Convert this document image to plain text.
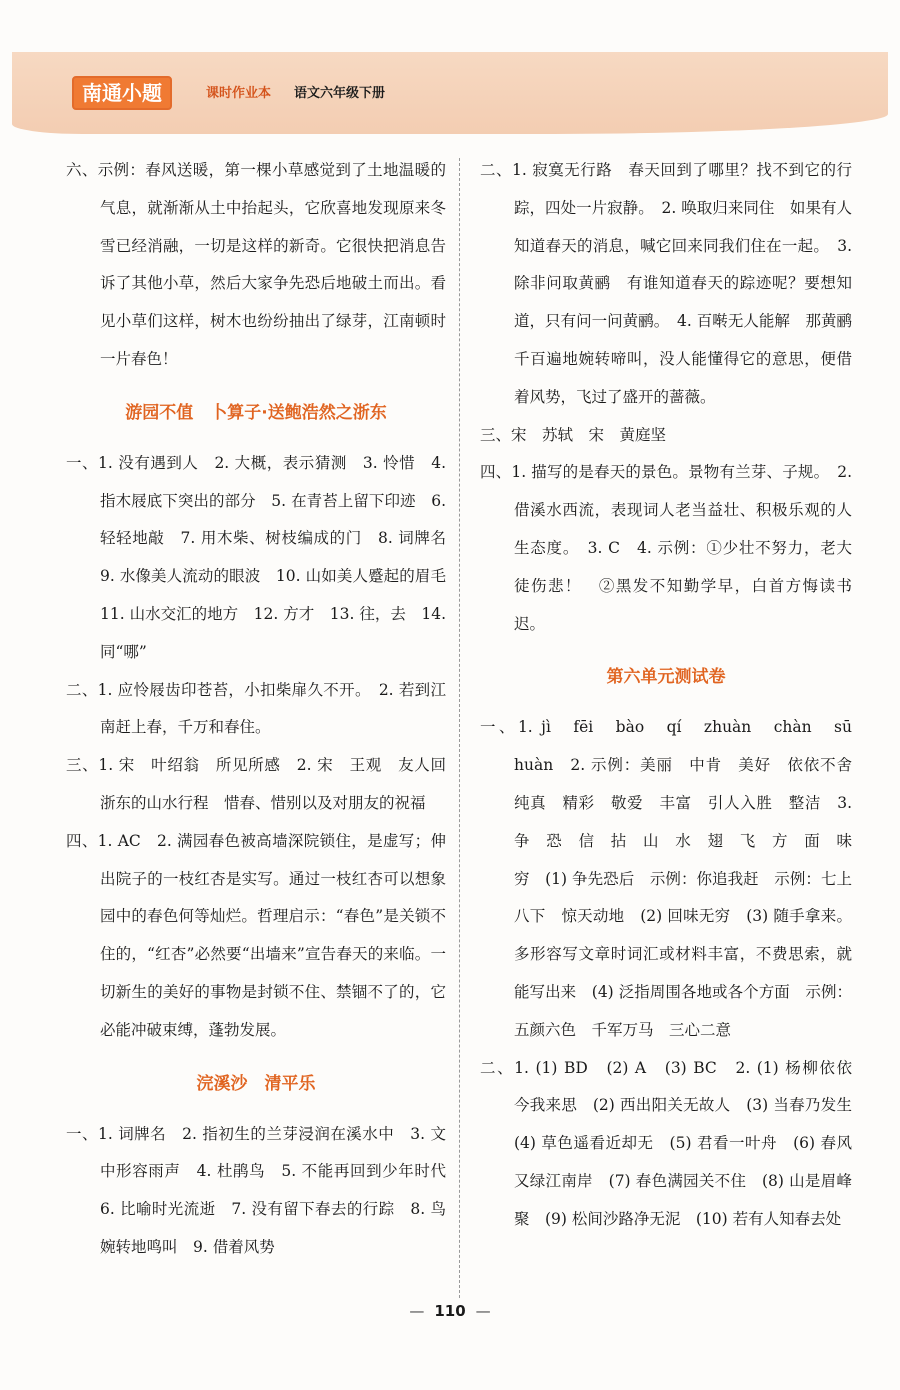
南通小题	课时作业本 语文六年级下册

六、示例：春风送暖，第一棵小草感觉到了土地温暖的气息，就渐渐从土中抬起头，它欣喜地发现原来冬雪已经消融，一切是这样的新奇。它很快把消息告诉了其他小草，然后大家争先恐后地破土而出。看见小草们这样，树木也纷纷抽出了绿芽，江南顿时一片春色！

游园不值　卜算子·送鲍浩然之浙东

一、1. 没有遇到人　2. 大概，表示猜测　3. 怜惜　4. 指木屐底下突出的部分　5. 在青苔上留下印迹　6. 轻轻地敲　7. 用木柴、树枝编成的门　8. 词牌名　9. 水像美人流动的眼波　10. 山如美人蹙起的眉毛　11. 山水交汇的地方　12. 方才　13. 往，去　14. 同“哪”

二、1. 应怜屐齿印苍苔，小扣柴扉久不开。　2. 若到江南赶上春，千万和春住。

三、1. 宋　叶绍翁　所见所感　2. 宋　王观　友人回浙东的山水行程　惜春、惜别以及对朋友的祝福

四、1. AC　2. 满园春色被高墙深院锁住，是虚写；伸出院子的一枝红杏是实写。通过一枝红杏可以想象园中的春色何等灿烂。哲理启示：“春色”是关锁不住的，“红杏”必然要“出墙来”宣告春天的来临。一切新生的美好的事物是封锁不住、禁锢不了的，它必能冲破束缚，蓬勃发展。

浣溪沙　清平乐

一、1. 词牌名　2. 指初生的兰芽浸润在溪水中　3. 文中形容雨声　4. 杜鹃鸟　5. 不能再回到少年时代　6. 比喻时光流逝　7. 没有留下春去的行踪　8. 鸟婉转地鸣叫　9. 借着风势

二、1. 寂寞无行路　春天回到了哪里？找不到它的行踪，四处一片寂静。　2. 唤取归来同住　如果有人知道春天的消息，喊它回来同我们住在一起。　3. 除非问取黄鹂　有谁知道春天的踪迹呢？要想知道，只有问一问黄鹂。　4. 百啭无人能解　那黄鹂千百遍地婉转啼叫，没人能懂得它的意思，便借着风势，飞过了盛开的蔷薇。

三、宋　苏轼　宋　黄庭坚

四、1. 描写的是春天的景色。景物有兰芽、子规。　2. 借溪水西流，表现词人老当益壮、积极乐观的人生态度。　3. C　4. 示例：①少壮不努力，老大徒伤悲！　②黑发不知勤学早，白首方悔读书迟。

第六单元测试卷

一、1. jì　fēi　bào　qí　zhuàn　chàn　sū　huàn　2. 示例：美丽　中肯　美好　依依不舍　纯真　精彩　敬爱　丰富　引人入胜　整洁　3. 争　恐　信　拈　山　水　翅　飞　方　面　味　穷　(1) 争先恐后　示例：你追我赶　示例：七上八下　惊天动地　(2) 回味无穷　(3) 随手拿来。多形容写文章时词汇或材料丰富，不费思索，就能写出来　(4) 泛指周围各地或各个方面　示例：五颜六色　千军万马　三心二意

二、1. (1) BD　(2) A　(3) BC　2. (1) 杨柳依依　今我来思　(2) 西出阳关无故人　(3) 当春乃发生　(4) 草色遥看近却无　(5) 君看一叶舟　(6) 春风又绿江南岸　(7) 春色满园关不住　(8) 山是眉峰聚　(9) 松间沙路净无泥　(10) 若有人知春去处

— 110 —
